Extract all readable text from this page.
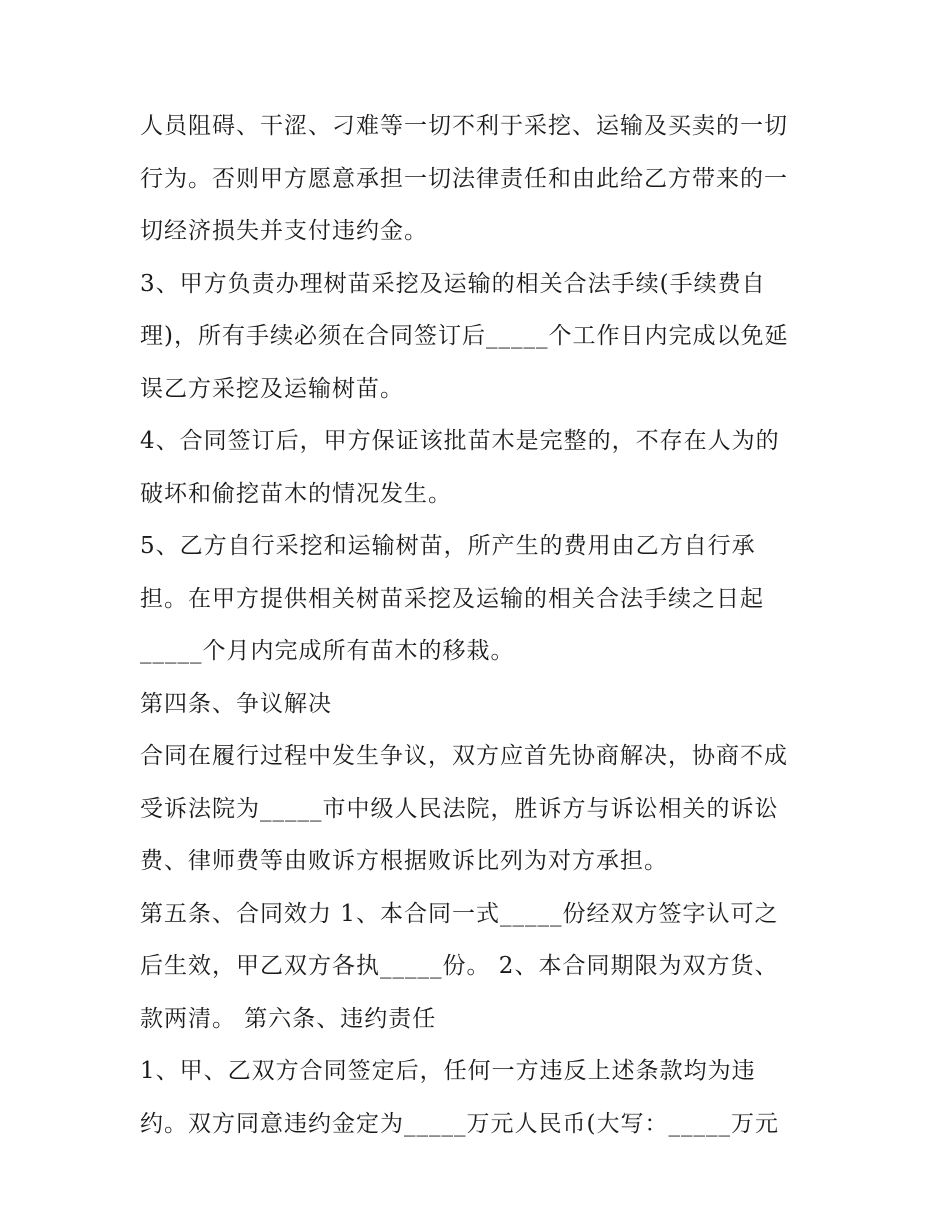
人员阻碍、干涩、刁难等一切不利于采挖、运输及买卖的一切
行为。否则甲方愿意承担一切法律责任和由此给乙方带来的一
切经济损失并支付违约金。
3、甲方负责办理树苗采挖及运输的相关合法手续(手续费自
理)，所有手续必须在合同签订后_____个工作日内完成以免延
误乙方采挖及运输树苗。
4、合同签订后，甲方保证该批苗木是完整的，不存在人为的
破坏和偷挖苗木的情况发生。
5、乙方自行采挖和运输树苗，所产生的费用由乙方自行承
担。在甲方提供相关树苗采挖及运输的相关合法手续之日起
_____个月内完成所有苗木的移栽。
第四条、争议解决
合同在履行过程中发生争议，双方应首先协商解决，协商不成
受诉法院为_____市中级人民法院，胜诉方与诉讼相关的诉讼
费、律师费等由败诉方根据败诉比列为对方承担。
第五条、合同效力 1、本合同一式_____份经双方签字认可之
后生效，甲乙双方各执_____份。 2、本合同期限为双方货、
款两清。 第六条、违约责任
1、甲、乙双方合同签定后，任何一方违反上述条款均为违
约。双方同意违约金定为_____万元人民币(大写：_____万元
